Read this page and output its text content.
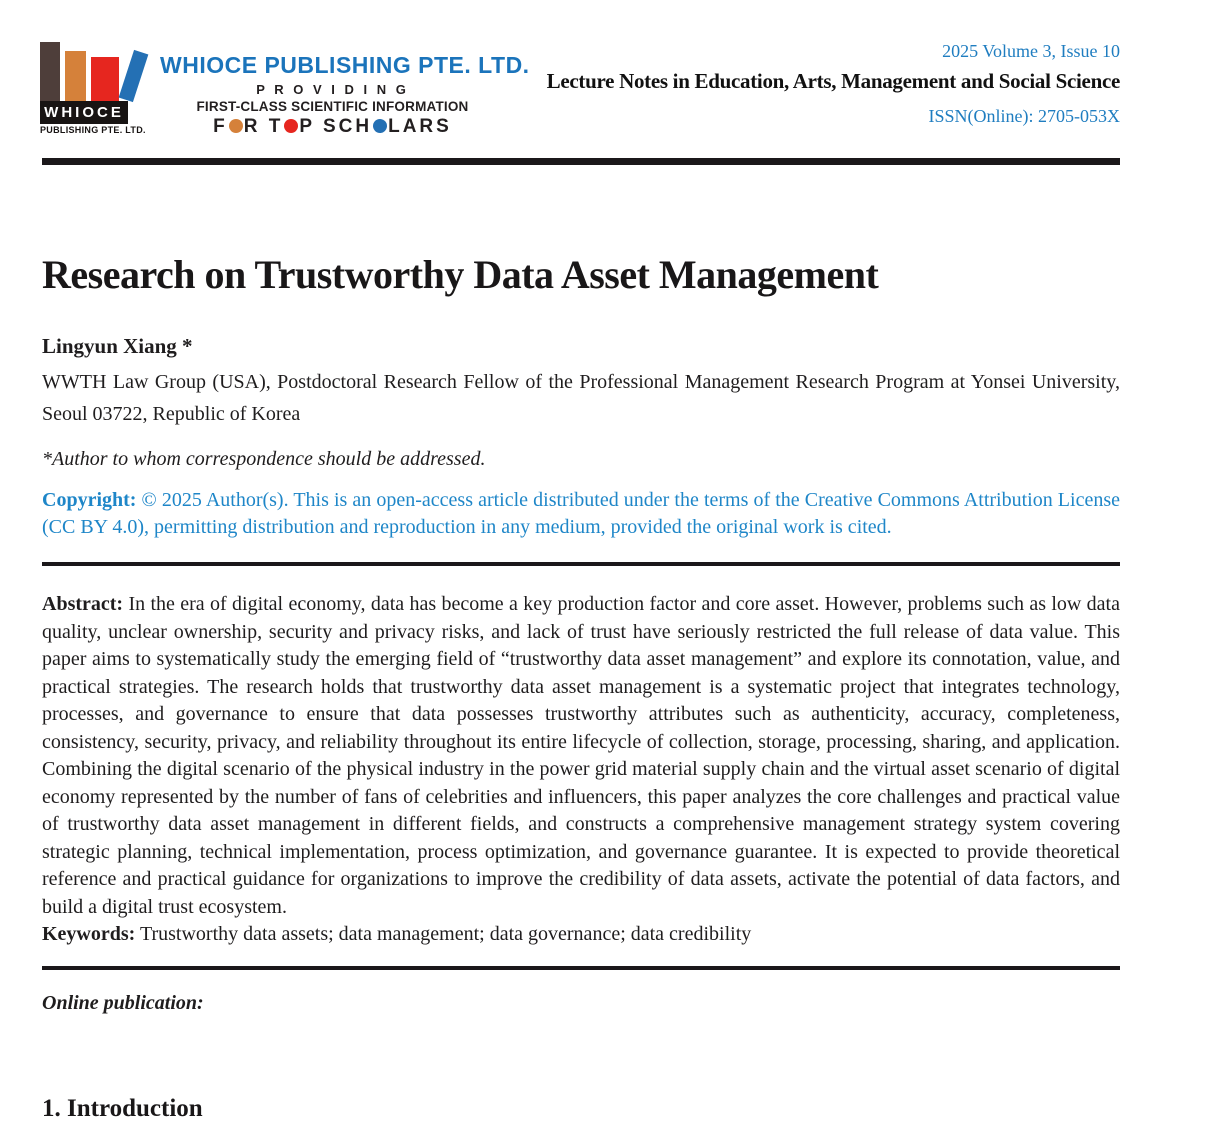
WHIOCE
PUBLISHING PTE. LTD.
WHIOCE PUBLISHING PTE. LTD.
P R O V I D I N G
FIRST-CLASS SCIENTIFIC INFORMATION
F R T P SCH LARS
2025 Volume 3, Issue 10
Lecture Notes in Education, Arts, Management and Social Science
ISSN(Online): 2705-053X
Research on Trustworthy Data Asset Management

Lingyun Xiang *

WWTH Law Group (USA), Postdoctoral Research Fellow of the Professional Management Research Program at Yonsei University, Seoul 03722, Republic of Korea

*Author to whom correspondence should be addressed.

Copyright: © 2025 Author(s). This is an open-access article distributed under the terms of the Creative Commons Attribution License (CC BY 4.0), permitting distribution and reproduction in any medium, provided the original work is cited.

Abstract: In the era of digital economy, data has become a key production factor and core asset. However, problems such as low data quality, unclear ownership, security and privacy risks, and lack of trust have seriously restricted the full release of data value. This paper aims to systematically study the emerging field of “trustworthy data asset management” and explore its connotation, value, and practical strategies. The research holds that trustworthy data asset management is a systematic project that integrates technology, processes, and governance to ensure that data possesses trustworthy attributes such as authenticity, accuracy, completeness, consistency, security, privacy, and reliability throughout its entire lifecycle of collection, storage, processing, sharing, and application. Combining the digital scenario of the physical industry in the power grid material supply chain and the virtual asset scenario of digital economy represented by the number of fans of celebrities and influencers, this paper analyzes the core challenges and practical value of trustworthy data asset management in different fields, and constructs a comprehensive management strategy system covering strategic planning, technical implementation, process optimization, and governance guarantee. It is expected to provide theoretical reference and practical guidance for organizations to improve the credibility of data assets, activate the potential of data factors, and build a digital trust ecosystem.

Keywords: Trustworthy data assets; data management; data governance; data credibility

Online publication:

1. Introduction
